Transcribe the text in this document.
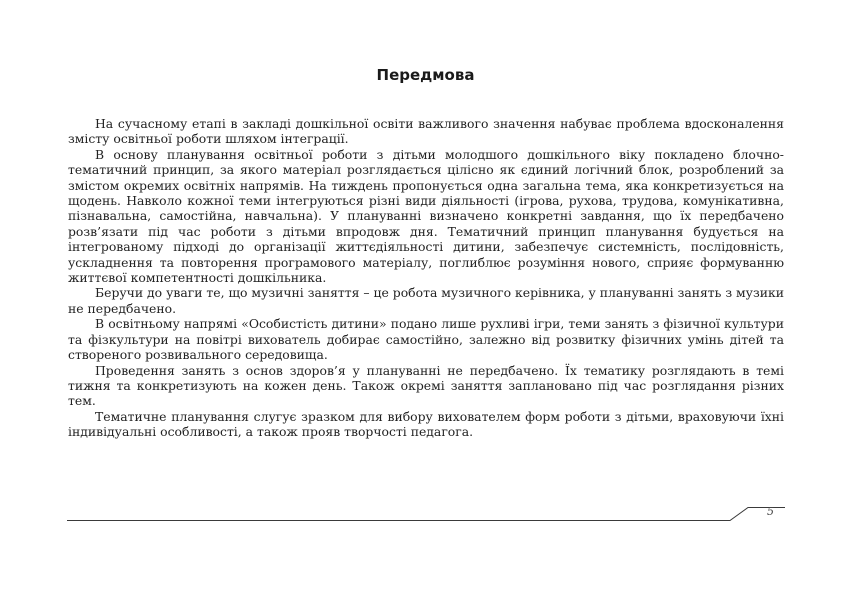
Передмова

На сучасному етапі в закладі дошкільної освіти важливого значення набуває проблема вдосконалення змісту освітньої роботи шляхом інтеграції.

В основу планування освітньої роботи з дітьми молодшого дошкільного віку покладено блочно-тематичний принцип, за якого матеріал розглядається цілісно як єдиний логічний блок, розроблений за змістом окремих освітніх напрямів. На тиждень пропонується одна загальна тема, яка конкретизується на щодень. Навколо кожної теми інтегруються різні види діяльності (ігрова, рухова, трудова, комунікативна, пізнавальна, самостійна, навчальна). У плануванні визначено конкретні завдання, що їх передбачено розв’язати під час роботи з дітьми впродовж дня. Тематичний принцип планування будується на інтегрованому підході до організації життєдіяльності дитини, забезпечує системність, послідовність, ускладнення та повторення програмового матеріалу, поглиблює розуміння нового, сприяє формуванню життєвої компетентності дошкільника.

Беручи до уваги те, що музичні заняття – це робота музичного керівника, у плануванні занять з музики не передбачено.

В освітньому напрямі «Особистість дитини» подано лише рухливі ігри, теми занять з фізичної культури та фізкультури на повітрі вихователь добирає самостійно, залежно від розвитку фізичних умінь дітей та створеного розвивального середовища.

Проведення занять з основ здоров’я у плануванні не передбачено. Їх тематику розглядають в темі тижня та конкретизують на кожен день. Також окремі заняття заплановано під час розглядання різних тем.

Тематичне планування слугує зразком для вибору вихователем форм роботи з дітьми, враховуючи їхні індивідуальні особливості, а також прояв творчості педагога.

5
